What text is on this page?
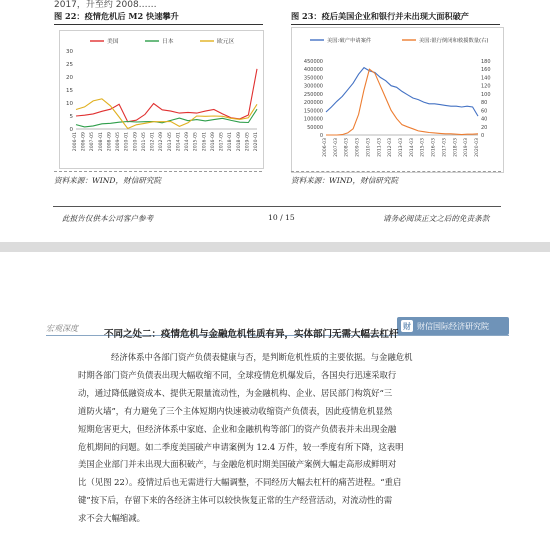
2017，升至约 2008……
图 22：疫情危机后 M2 快速攀升	图 23：疫后美国企业和银行并未出现大面积破产
0
5
10
15
20
25
30
2006-01 2006-09 2007-05 2008-01 2008-09 2009-05 2010-01 2010-09 2011-05 2012-01 2012-09 2013-05 2014-01 2014-09 2015-05 2016-01 2016-09 2017-05 2018-01 2018-09 2019-05 2020-01
美国	日本	欧元区
0
50000
100000
150000
200000
250000
300000
350000
400000
450000
0
20
40
60
80
100
120
140
160
180
2006-03 2007-03 2008-03 2009-03 2010-03 2011-03 2012-03 2013-03 2014-03 2015-03 2016-03 2017-03 2018-03 2019-03 2020-03
美国:破产申请案件	美国:银行倒闭和救援数量(右)
资料来源：WIND，财信研究院	资料来源：WIND，财信研究院
此报告仅供本公司客户参考	10 / 15	请务必阅读正文之后的免责条款
宏观深度	财 财信国际经济研究院
不同之处二：疫情危机与金融危机性质有异，实体部门无需大幅去杠杆
经济体系中各部门资产负债表健康与否，是判断危机性质的主要依据。与金融危机
时期各部门资产负债表出现大幅收缩不同，全球疫情危机爆发后，各国央行迅速采取行
动，通过降低融资成本、提供无限量流动性，为金融机构、企业、居民部门构筑好“三
道防火墙”，有力避免了三个主体短期内快速被动收缩资产负债表，因此疫情危机显然
短期危害更大，但经济体系中家庭、企业和金融机构等部门的资产负债表并未出现金融
危机期间的问题。如二季度美国破产申请案例为 12.4 万件，较一季度有所下降，这表明
美国企业部门并未出现大面积破产，与金融危机时期美国破产案例大幅走高形成鲜明对
比（见图 22）。疫情过后也无需进行大幅调整，不同经历大幅去杠杆的痛苦进程。“重启
键”按下后，存留下来的各经济主体可以较快恢复正常的生产经营活动，对流动性的需
求不会大幅缩减。
